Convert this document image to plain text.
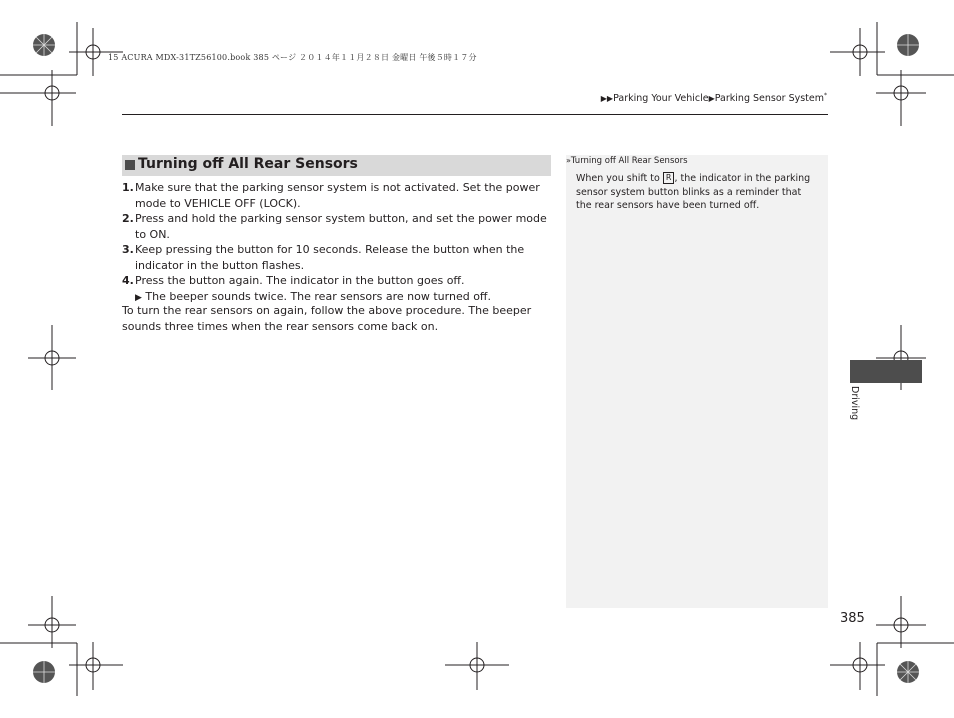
15 ACURA MDX-31TZ56100.book 385 ページ ２０１４年１１月２８日 金曜日 午後５時１７分
▶▶Parking Your Vehicle▶Parking Sensor System*
Turning off All Rear Sensors
1. Make sure that the parking sensor system is not activated. Set the power mode to VEHICLE OFF (LOCK).
2. Press and hold the parking sensor system button, and set the power mode to ON.
3. Keep pressing the button for 10 seconds. Release the button when the indicator in the button flashes.
4. Press the button again. The indicator in the button goes off.
▶ The beeper sounds twice. The rear sensors are now turned off.
To turn the rear sensors on again, follow the above procedure. The beeper sounds three times when the rear sensors come back on.
»Turning off All Rear Sensors
When you shift to R , the indicator in the parking sensor system button blinks as a reminder that the rear sensors have been turned off.
Driving
385
